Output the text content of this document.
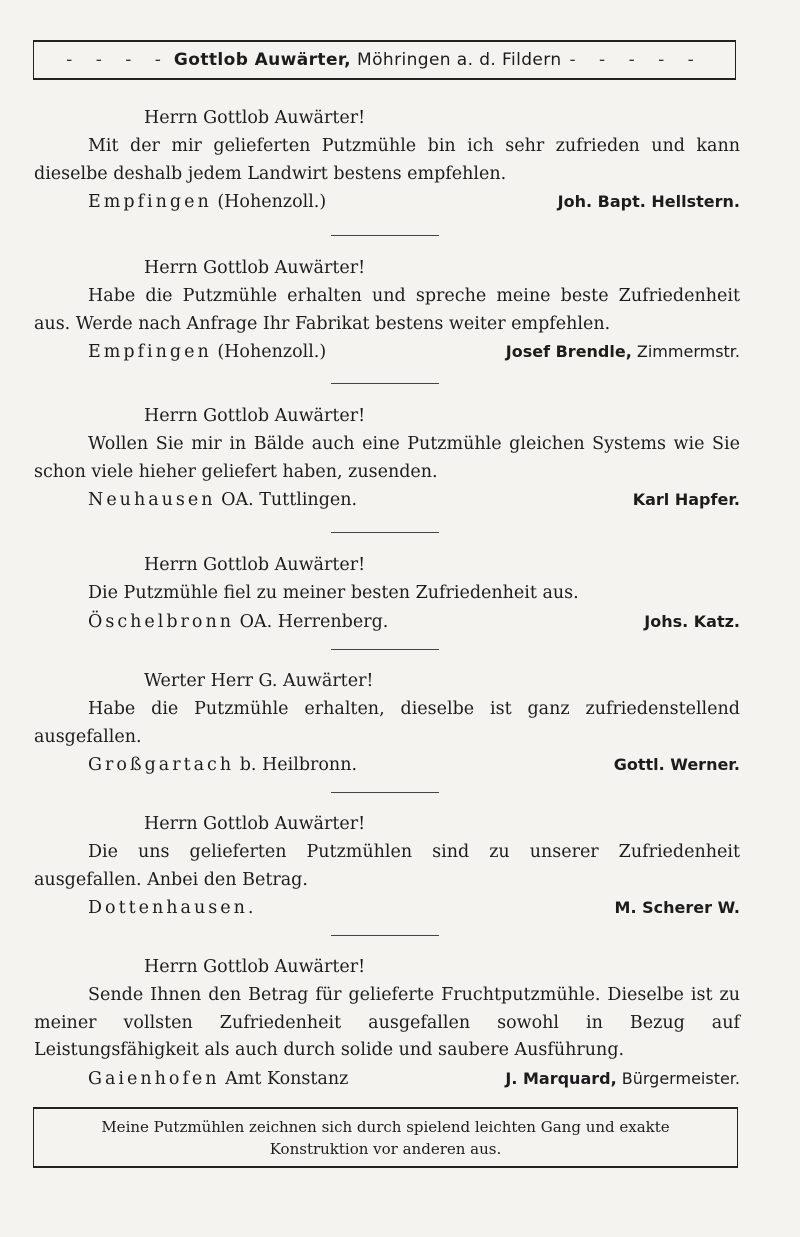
- - - - Gottlob Auwärter, Möhringen a. d. Fildern - - - - -
Herrn Gottlob Auwärter!
Mit der mir gelieferten Putzmühle bin ich sehr zufrieden und kann dieselbe deshalb jedem Landwirt bestens empfehlen.
Empfingen (Hohenzoll.)	Joh. Bapt. Hellstern.
Herrn Gottlob Auwärter!
Habe die Putzmühle erhalten und spreche meine beste Zufriedenheit aus. Werde nach Anfrage Ihr Fabrikat bestens weiter empfehlen.
Empfingen (Hohenzoll.)	Josef Brendle, Zimmermstr.
Herrn Gottlob Auwärter!
Wollen Sie mir in Bälde auch eine Putzmühle gleichen Systems wie Sie schon viele hieher geliefert haben, zusenden.
Neuhausen OA. Tuttlingen.	Karl Hapfer.
Herrn Gottlob Auwärter!
Die Putzmühle fiel zu meiner besten Zufriedenheit aus.
Öschelbronn OA. Herrenberg.	Johs. Katz.
Werter Herr G. Auwärter!
Habe die Putzmühle erhalten, dieselbe ist ganz zufriedenstellend ausgefallen.
Großgartach b. Heilbronn.	Gottl. Werner.
Herrn Gottlob Auwärter!
Die uns gelieferten Putzmühlen sind zu unserer Zufriedenheit ausgefallen. Anbei den Betrag.
Dottenhausen.	M. Scherer W.
Herrn Gottlob Auwärter!
Sende Ihnen den Betrag für gelieferte Fruchtputzmühle. Dieselbe ist zu meiner vollsten Zufriedenheit ausgefallen sowohl in Bezug auf Leistungsfähigkeit als auch durch solide und saubere Ausführung.
Gaienhofen Amt Konstanz	J. Marquard, Bürgermeister.
Meine Putzmühlen zeichnen sich durch spielend leichten Gang und exakte Konstruktion vor anderen aus.
